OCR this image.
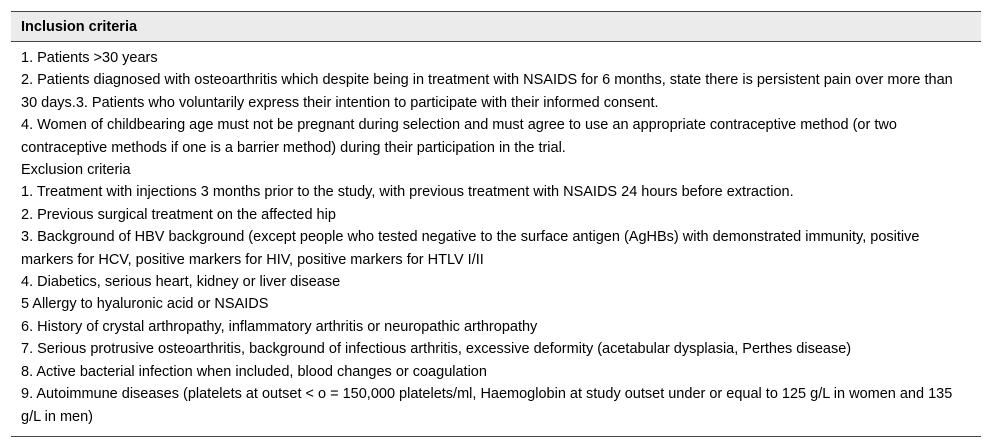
Inclusion criteria
1. Patients >30 years
2. Patients diagnosed with osteoarthritis which despite being in treatment with NSAIDS for 6 months, state there is persistent pain over more than 30 days.3. Patients who voluntarily express their intention to participate with their informed consent.
4. Women of childbearing age must not be pregnant during selection and must agree to use an appropriate contraceptive method (or two contraceptive methods if one is a barrier method) during their participation in the trial.
Exclusion criteria
1. Treatment with injections 3 months prior to the study, with previous treatment with NSAIDS 24 hours before extraction.
2. Previous surgical treatment on the affected hip
3. Background of HBV background (except people who tested negative to the surface antigen (AgHBs) with demonstrated immunity, positive markers for HCV, positive markers for HIV, positive markers for HTLV I/II
4. Diabetics, serious heart, kidney or liver disease
5 Allergy to hyaluronic acid or NSAIDS
6. History of crystal arthropathy, inflammatory arthritis or neuropathic arthropathy
7. Serious protrusive osteoarthritis, background of infectious arthritis, excessive deformity (acetabular dysplasia, Perthes disease)
8. Active bacterial infection when included, blood changes or coagulation
9. Autoimmune diseases (platelets at outset < o = 150,000 platelets/ml, Haemoglobin at study outset under or equal to 125 g/L in women and 135 g/L in men)
